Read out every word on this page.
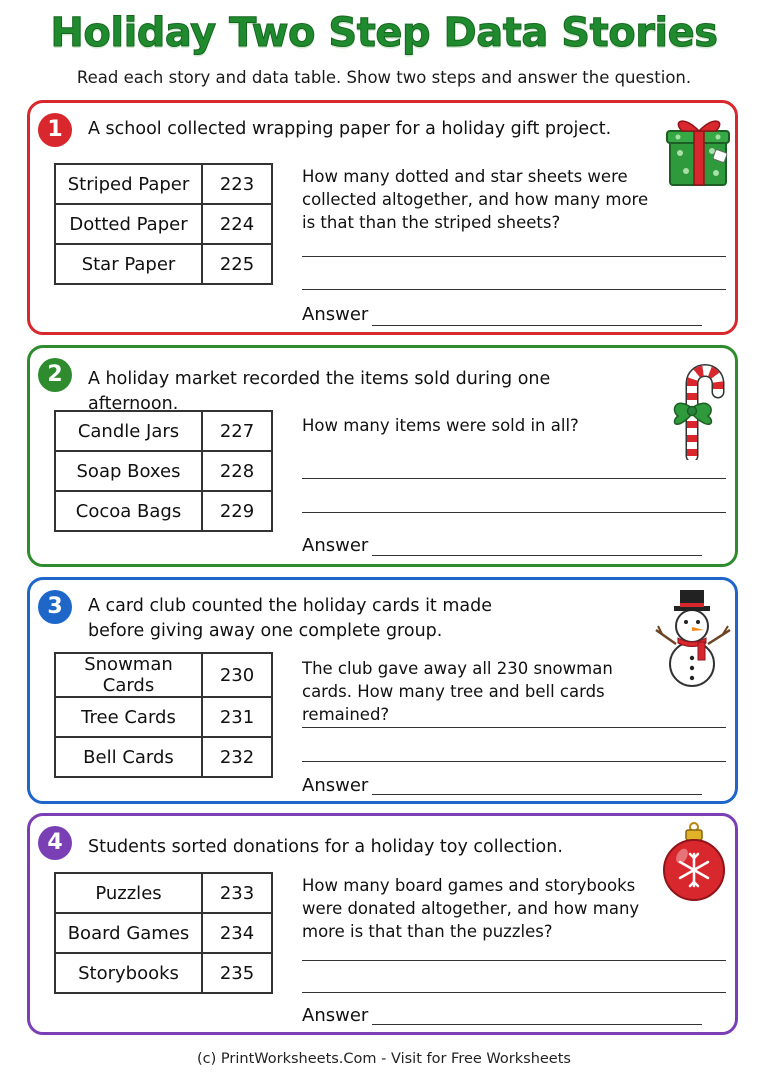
Holiday Two Step Data Stories
Read each story and data table. Show two steps and answer the question.
1	A school collected wrapping paper for a holiday gift project.
Striped Paper	223
Dotted Paper	224
Star Paper	225
How many dotted and star sheets were collected altogether, and how many more is that than the striped sheets?
Answer
2	A holiday market recorded the items sold during one afternoon.
Candle Jars	227
Soap Boxes	228
Cocoa Bags	229
How many items were sold in all?
Answer
3	A card club counted the holiday cards it made before giving away one complete group.
Snowman Cards	230
Tree Cards	231
Bell Cards	232
The club gave away all 230 snowman cards. How many tree and bell cards remained?
Answer
4	Students sorted donations for a holiday toy collection.
Puzzles	233
Board Games	234
Storybooks	235
How many board games and storybooks were donated altogether, and how many more is that than the puzzles?
Answer
(c) PrintWorksheets.Com - Visit for Free Worksheets
